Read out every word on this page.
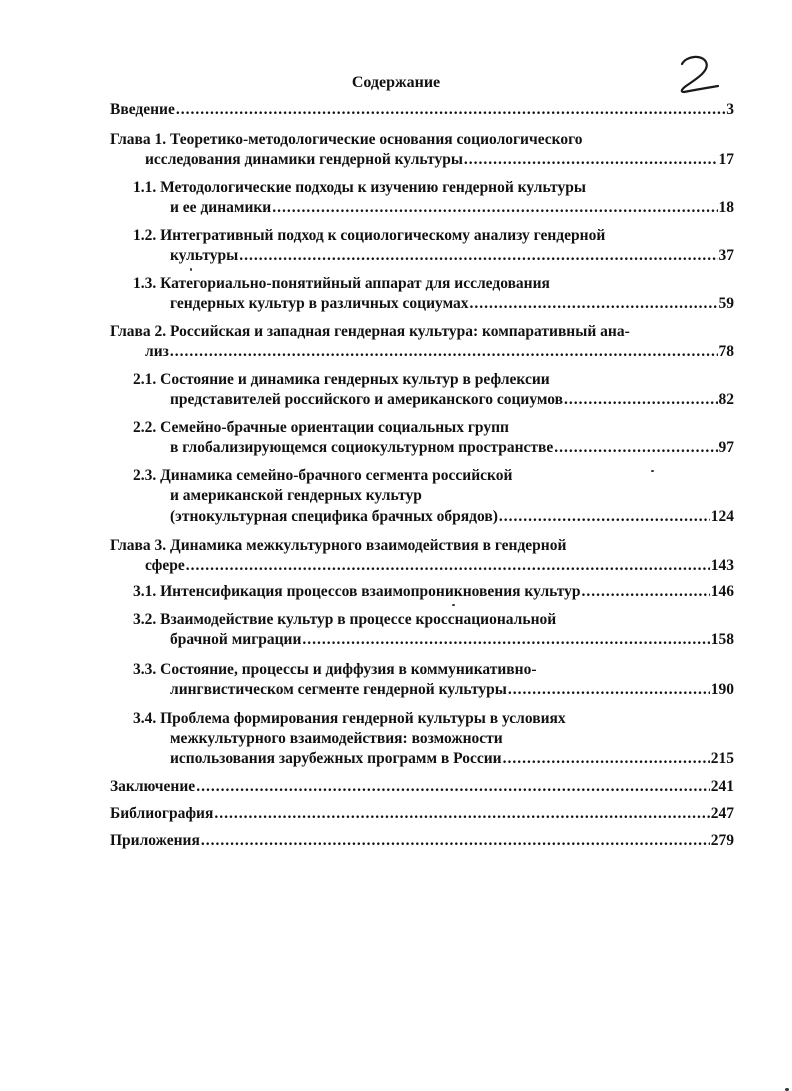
Содержание
Введение .....	3
Глава 1. Теоретико-методологические основания социологического
исследования динамики гендерной культуры .....	17
1.1. Методологические подходы к изучению гендерной культуры
и ее динамики .....	18
1.2. Интегративный подход к социологическому анализу гендерной
культуры .....	37
1.3. Категориально-понятийный аппарат для исследования
гендерных культур в различных социумах .....	59
Глава 2. Российская и западная гендерная культура: компаративный ана-
лиз .....	78
2.1. Состояние и динамика гендерных культур в рефлексии
представителей российского и американского социумов .....	82
2.2. Семейно-брачные ориентации социальных групп
в глобализирующемся социокультурном пространстве .....	97
2.3. Динамика семейно-брачного сегмента российской
и американской гендерных культур
(этнокультурная специфика брачных обрядов) .....	124
Глава 3. Динамика межкультурного взаимодействия в гендерной
сфере .....	143
3.1. Интенсификация процессов взаимопроникновения культур .....	146
3.2. Взаимодействие культур в процессе кросснациональной
брачной миграции .....	158
3.3. Состояние, процессы и диффузия в коммуникативно-
лингвистическом сегменте гендерной культуры .....	190
3.4. Проблема формирования гендерной культуры в условиях
межкультурного взаимодействия: возможности
использования зарубежных программ в России .....	215
Заключение .....	241
Библиография .....	247
Приложения .....	279
